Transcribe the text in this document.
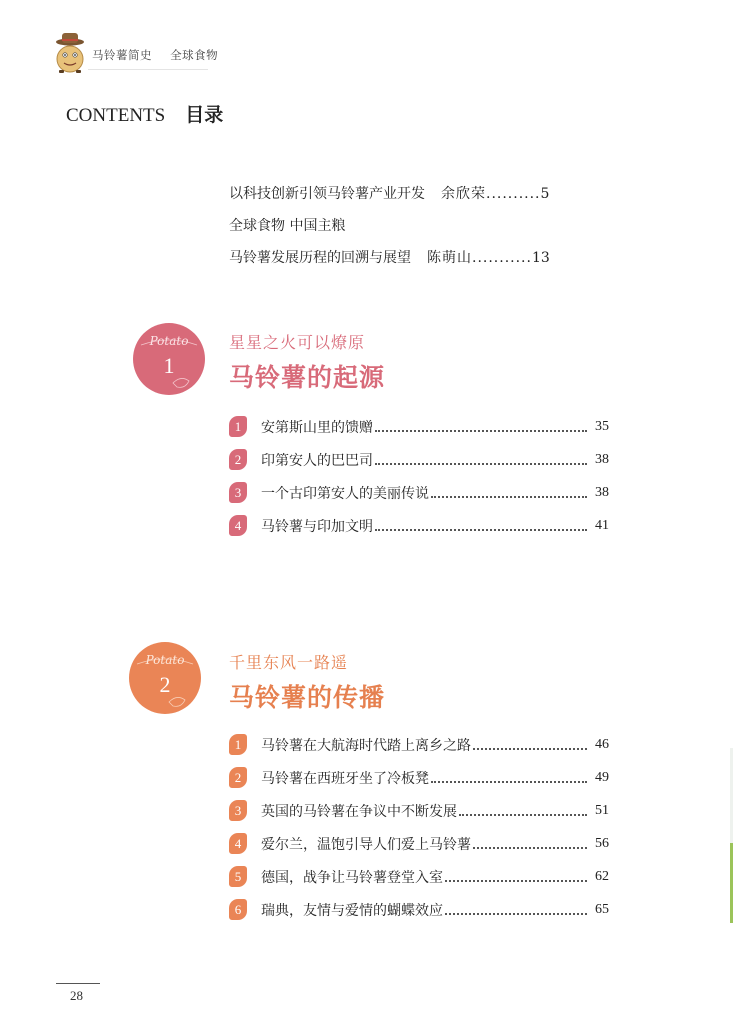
马铃薯简史 全球食物
CONTENTS 目录
以科技创新引领马铃薯产业开发 余欣荣..........5
全球食物 中国主粮
马铃薯发展历程的回溯与展望 陈萌山...........13
Potato
1
星星之火可以燎原
马铃薯的起源
1	安第斯山里的馈赠	35
2	印第安人的巴巴司	38
3	一个古印第安人的美丽传说	38
4	马铃薯与印加文明	41
Potato
2
千里东风一路遥
马铃薯的传播
1	马铃薯在大航海时代踏上离乡之路	46
2	马铃薯在西班牙坐了冷板凳	49
3	英国的马铃薯在争议中不断发展	51
4	爱尔兰，温饱引导人们爱上马铃薯	56
5	德国，战争让马铃薯登堂入室	62
6	瑞典，友情与爱情的蝴蝶效应	65
28
